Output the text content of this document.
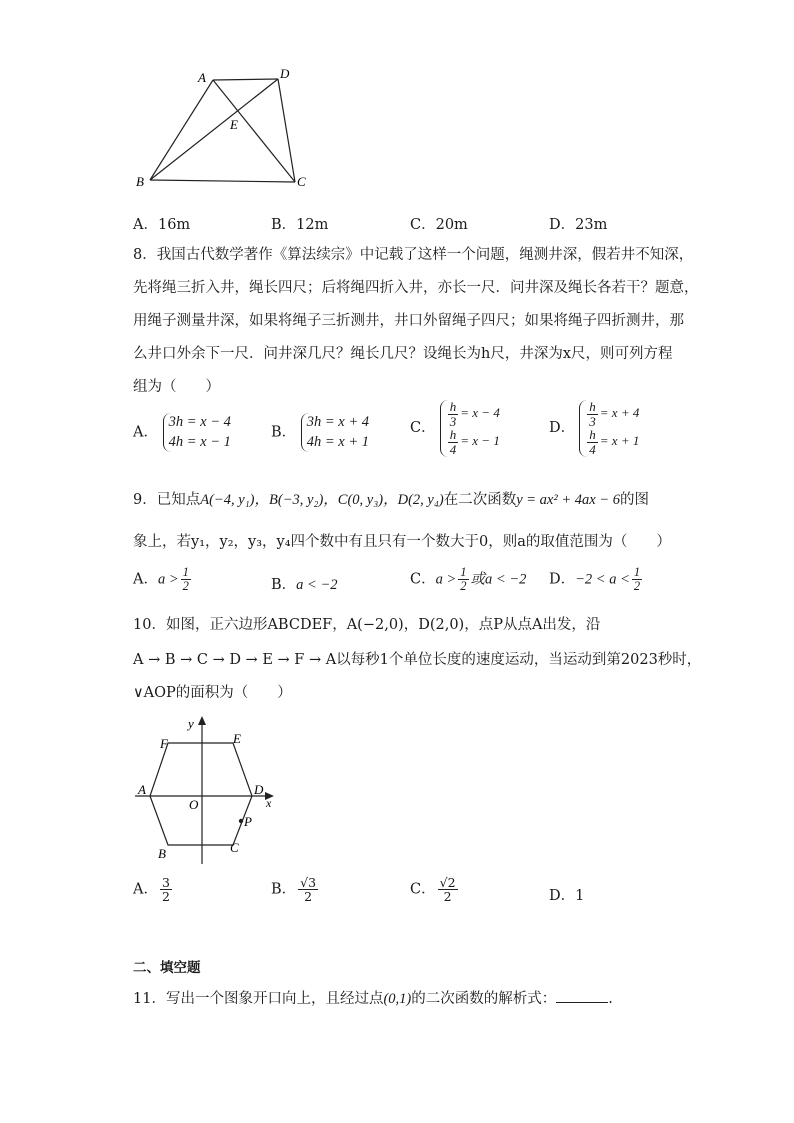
A	D
E
B	C
A．16m	B．12m	C．20m	D．23m
8．我国古代数学著作《算法续宗》中记载了这样一个问题，绳测井深，假若井不知深，
先将绳三折入井，绳长四尺；后将绳四折入井，亦长一尺．问井深及绳长各若干？题意，
用绳子测量井深，如果将绳子三折测井，井口外留绳子四尺；如果将绳子四折测井，那
么井口外余下一尺．问井深几尺？绳长几尺？设绳长为h尺，井深为x尺，则可列方程
组为（　　）
A．
3h = x − 4
4h = x − 1
B．
3h = x + 4
4h = x + 1
C． $\frac{h}{3} = x - 4$
$\frac{h}{4} = x - 1$
D． $\frac{h}{3} = x + 4$
$\frac{h}{4} = x + 1$
9．已知点A(−4, y₁)，B(−3, y₂)，C(0, y₃)，D(2, y₄)在二次函数y = ax² + 4ax − 6的图
象上，若y₁，y₂，y₃，y₄四个数中有且只有一个数大于0，则a的取值范围为（　　）
A．$a > \frac{1}{2}$	B．a < −2	C．$a > \frac{1}{2}$ 或a < −2 D．$-2 < a < \frac{1}{2}$
10．如图，正六边形ABCDEF，A(−2,0)，D(2,0)，点P从点A出发，沿
A → B → C → D → E → F → A以每秒1个单位长度的速度运动，当运动到第2023秒时，
∨AOP的面积为（　　）
y
x
O
A
B	C
D
E
F
P
A． $\frac{3}{2}$	B． $\frac{√3}{2}$	C． $\frac{√2}{2}$	D．1
二、填空题
11．写出一个图象开口向上，且经过点(0,1)的二次函数的解析式：	.
